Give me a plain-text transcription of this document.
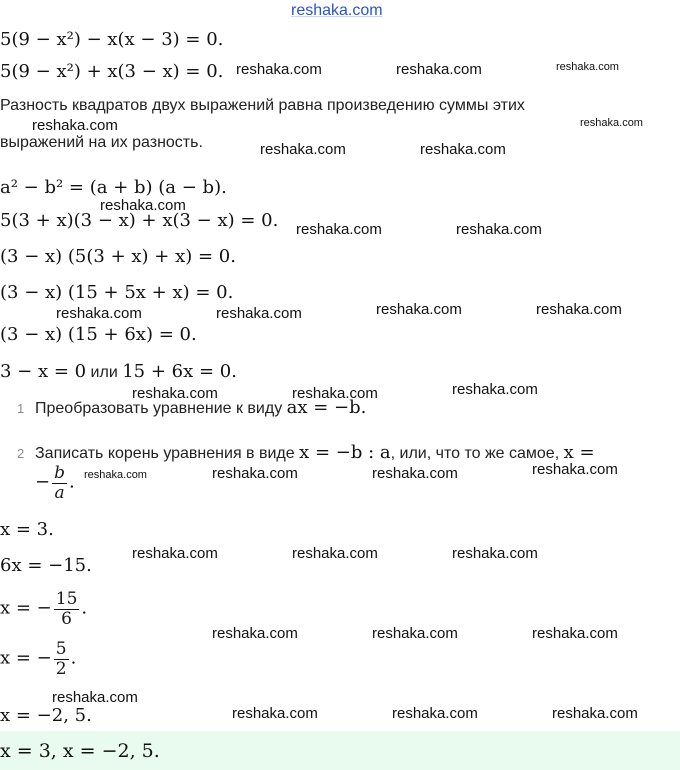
reshaka.com
5(9 − x²) − x(x − 3) = 0.
5(9 − x²) + x(3 − x) = 0.
Разность квадратов двух выражений равна произведению суммы этих
выражений на их разность.
a² − b² = (a + b) (a − b).
5(3 + x)(3 − x) + x(3 − x) = 0.
(3 − x) (5(3 + x) + x) = 0.
(3 − x) (15 + 5x + x) = 0.
(3 − x) (15 + 6x) = 0.
3 − x = 0 или 15 + 6x = 0.
1 Преобразовать уравнение к виду ax = −b.
2 Записать корень уравнения в виде x = −b : a, или, что то же самое, x =
− $\frac{b}{a}$ .
x = 3.
6x = −15.
x = − $\frac{15}{6}$ .
x = − $\frac{5}{2}$ .
x = −2, 5.
x = 3, x = −2, 5.
reshaka.com	reshaka.com	reshaka.com
reshaka.com	reshaka.com
reshaka.com	reshaka.com
reshaka.com
reshaka.com	reshaka.com
reshaka.com	reshaka.com	reshaka.com	reshaka.com
reshaka.com	reshaka.com	reshaka.com
reshaka.com	reshaka.com	reshaka.com	reshaka.com
reshaka.com	reshaka.com	reshaka.com
reshaka.com	reshaka.com	reshaka.com
reshaka.com
reshaka.com	reshaka.com	reshaka.com
